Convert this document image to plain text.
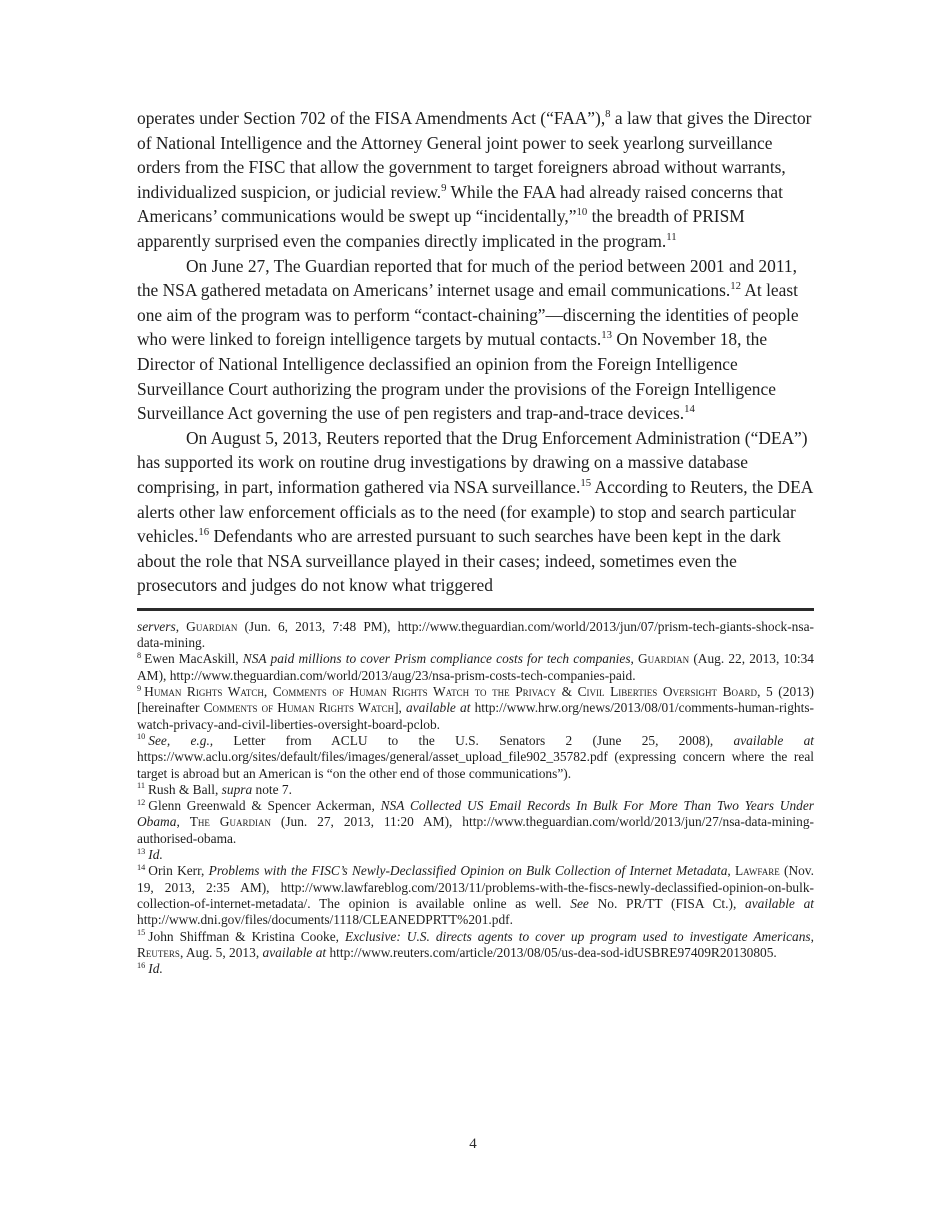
operates under Section 702 of the FISA Amendments Act (“FAA”),$^8$ a law that gives the Director of National Intelligence and the Attorney General joint power to seek yearlong surveillance orders from the FISC that allow the government to target foreigners abroad without warrants, individualized suspicion, or judicial review.$^9$ While the FAA had already raised concerns that Americans’ communications would be swept up “incidentally,”$^{10}$ the breadth of PRISM apparently surprised even the companies directly implicated in the program.$^{11}$

On June 27, The Guardian reported that for much of the period between 2001 and 2011, the NSA gathered metadata on Americans’ internet usage and email communications.$^{12}$ At least one aim of the program was to perform “contact-chaining”—discerning the identities of people who were linked to foreign intelligence targets by mutual contacts.$^{13}$ On November 18, the Director of National Intelligence declassified an opinion from the Foreign Intelligence Surveillance Court authorizing the program under the provisions of the Foreign Intelligence Surveillance Act governing the use of pen registers and trap-and-trace devices.$^{14}$

On August 5, 2013, Reuters reported that the Drug Enforcement Administration (“DEA”) has supported its work on routine drug investigations by drawing on a massive database comprising, in part, information gathered via NSA surveillance.$^{15}$ According to Reuters, the DEA alerts other law enforcement officials as to the need (for example) to stop and search particular vehicles.$^{16}$ Defendants who are arrested pursuant to such searches have been kept in the dark about the role that NSA surveillance played in their cases; indeed, sometimes even the prosecutors and judges do not know what triggered

servers, Guardian (Jun. 6, 2013, 7:48 PM), http://www.theguardian.com/world/2013/jun/07/prism-tech-giants-shock-nsa-data-mining.
$^8$ Ewen MacAskill, NSA paid millions to cover Prism compliance costs for tech companies, Guardian (Aug. 22, 2013, 10:34 AM), http://www.theguardian.com/world/2013/aug/23/nsa-prism-costs-tech-companies-paid.
$^9$ Human Rights Watch, Comments of Human Rights Watch to the Privacy & Civil Liberties Oversight Board, 5 (2013) [hereinafter Comments of Human Rights Watch], available at http://www.hrw.org/news/2013/08/01/comments-human-rights-watch-privacy-and-civil-liberties-oversight-board-pclob.
$^{10}$ See, e.g., Letter from ACLU to the U.S. Senators 2 (June 25, 2008), available at https://www.aclu.org/sites/default/files/images/general/asset_upload_file902_35782.pdf (expressing concern where the real target is abroad but an American is “on the other end of those communications”).
$^{11}$ Rush & Ball, supra note 7.
$^{12}$ Glenn Greenwald & Spencer Ackerman, NSA Collected US Email Records In Bulk For More Than Two Years Under Obama, The Guardian (Jun. 27, 2013, 11:20 AM), http://www.theguardian.com/world/2013/jun/27/nsa-data-mining-authorised-obama.
$^{13}$ Id.
$^{14}$ Orin Kerr, Problems with the FISC’s Newly-Declassified Opinion on Bulk Collection of Internet Metadata, Lawfare (Nov. 19, 2013, 2:35 AM), http://www.lawfareblog.com/2013/11/problems-with-the-fiscs-newly-declassified-opinion-on-bulk-collection-of-internet-metadata/. The opinion is available online as well. See No. PR/TT (FISA Ct.), available at http://www.dni.gov/files/documents/1118/CLEANEDPRTT%201.pdf.
$^{15}$ John Shiffman & Kristina Cooke, Exclusive: U.S. directs agents to cover up program used to investigate Americans, Reuters, Aug. 5, 2013, available at http://www.reuters.com/article/2013/08/05/us-dea-sod-idUSBRE97409R20130805.
$^{16}$ Id.
4
